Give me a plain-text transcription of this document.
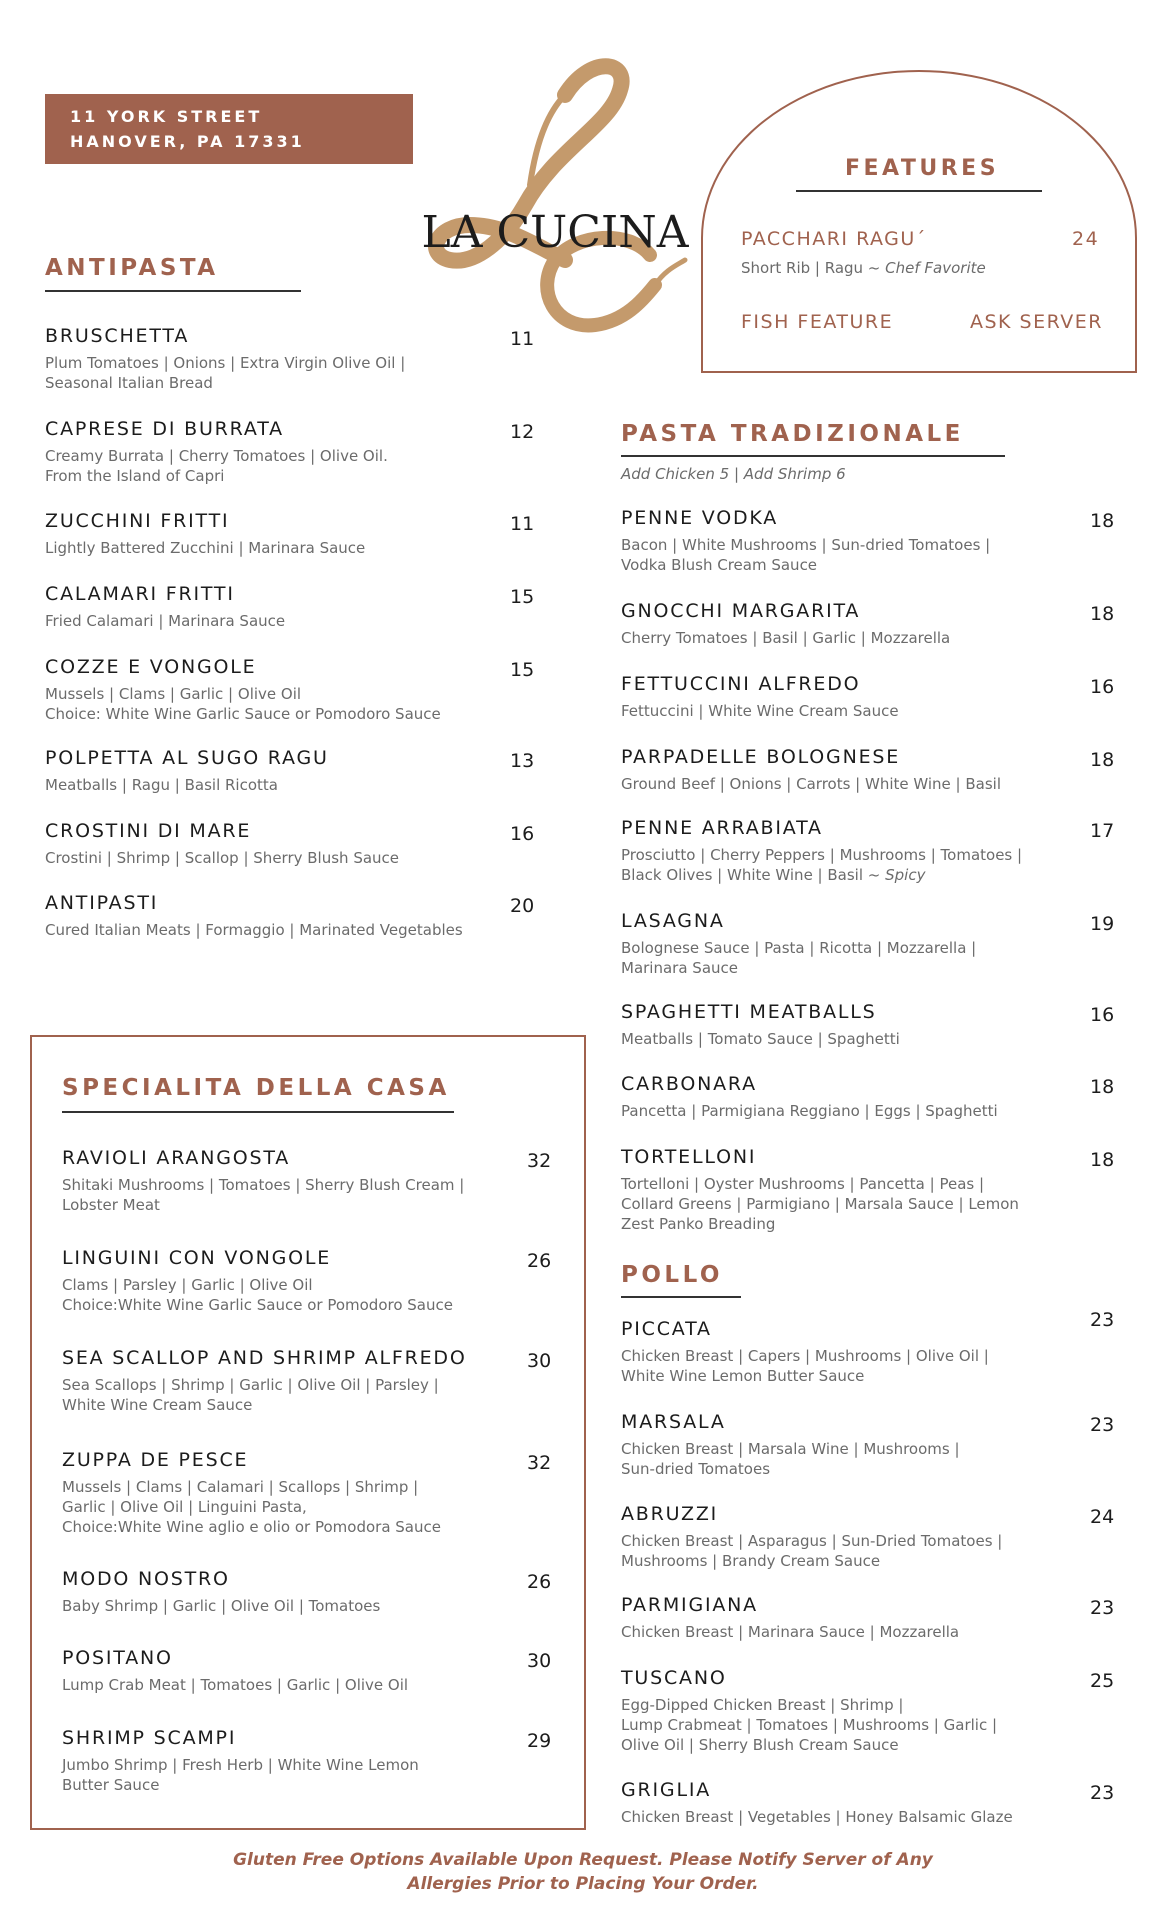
11 YORK STREET
HANOVER, PA 17331
LA CUCINA
FEATURES
PACCHARI RAGU´	24
Short Rib | Ragu ~ Chef Favorite
FISH FEATURE	ASK SERVER
ANTIPASTA
PASTA TRADIZIONALE
Add Chicken 5 | Add Shrimp 6
SPECIALITA DELLA CASA
POLLO
BRUSCHETTA	11
Plum Tomatoes | Onions | Extra Virgin Olive Oil |
Seasonal Italian Bread
CAPRESE DI BURRATA	12
Creamy Burrata | Cherry Tomatoes | Olive Oil.
From the Island of Capri
ZUCCHINI FRITTI	11
Lightly Battered Zucchini | Marinara Sauce
CALAMARI FRITTI	15
Fried Calamari | Marinara Sauce
COZZE E VONGOLE	15
Mussels | Clams | Garlic | Olive Oil
Choice: White Wine Garlic Sauce or Pomodoro Sauce
POLPETTA AL SUGO RAGU	13
Meatballs | Ragu | Basil Ricotta
CROSTINI DI MARE	16
Crostini | Shrimp | Scallop | Sherry Blush Sauce
ANTIPASTI	20
Cured Italian Meats | Formaggio | Marinated Vegetables
RAVIOLI ARANGOSTA	32
Shitaki Mushrooms | Tomatoes | Sherry Blush Cream |
Lobster Meat
LINGUINI CON VONGOLE	26
Clams | Parsley | Garlic | Olive Oil
Choice:White Wine Garlic Sauce or Pomodoro Sauce
SEA SCALLOP AND SHRIMP ALFREDO	30
Sea Scallops | Shrimp | Garlic | Olive Oil | Parsley |
White Wine Cream Sauce
ZUPPA DE PESCE	32
Mussels | Clams | Calamari | Scallops | Shrimp |
Garlic | Olive Oil | Linguini Pasta,
Choice:White Wine aglio e olio or Pomodora Sauce
MODO NOSTRO	26
Baby Shrimp | Garlic | Olive Oil | Tomatoes
POSITANO	30
Lump Crab Meat | Tomatoes | Garlic | Olive Oil
SHRIMP SCAMPI	29
Jumbo Shrimp | Fresh Herb | White Wine Lemon
Butter Sauce
PENNE VODKA	18
Bacon | White Mushrooms | Sun-dried Tomatoes |
Vodka Blush Cream Sauce
GNOCCHI MARGARITA	18
Cherry Tomatoes | Basil | Garlic | Mozzarella
FETTUCCINI ALFREDO	16
Fettuccini | White Wine Cream Sauce
PARPADELLE BOLOGNESE	18
Ground Beef | Onions | Carrots | White Wine | Basil
PENNE ARRABIATA	17
Prosciutto | Cherry Peppers | Mushrooms | Tomatoes |
Black Olives | White Wine | Basil ~ Spicy
LASAGNA	19
Bolognese Sauce | Pasta | Ricotta | Mozzarella |
Marinara Sauce
SPAGHETTI MEATBALLS	16
Meatballs | Tomato Sauce | Spaghetti
CARBONARA	18
Pancetta | Parmigiana Reggiano | Eggs | Spaghetti
TORTELLONI	18
Tortelloni | Oyster Mushrooms | Pancetta | Peas |
Collard Greens | Parmigiano | Marsala Sauce | Lemon
Zest Panko Breading
PICCATA	23
Chicken Breast | Capers | Mushrooms | Olive Oil |
White Wine Lemon Butter Sauce
MARSALA	23
Chicken Breast | Marsala Wine | Mushrooms |
Sun-dried Tomatoes
ABRUZZI	24
Chicken Breast | Asparagus | Sun-Dried Tomatoes |
Mushrooms | Brandy Cream Sauce
PARMIGIANA	23
Chicken Breast | Marinara Sauce | Mozzarella
TUSCANO	25
Egg-Dipped Chicken Breast | Shrimp |
Lump Crabmeat | Tomatoes | Mushrooms | Garlic |
Olive Oil | Sherry Blush Cream Sauce
GRIGLIA	23
Chicken Breast | Vegetables | Honey Balsamic Glaze
Gluten Free Options Available Upon Request. Please Notify Server of Any
Allergies Prior to Placing Your Order.
